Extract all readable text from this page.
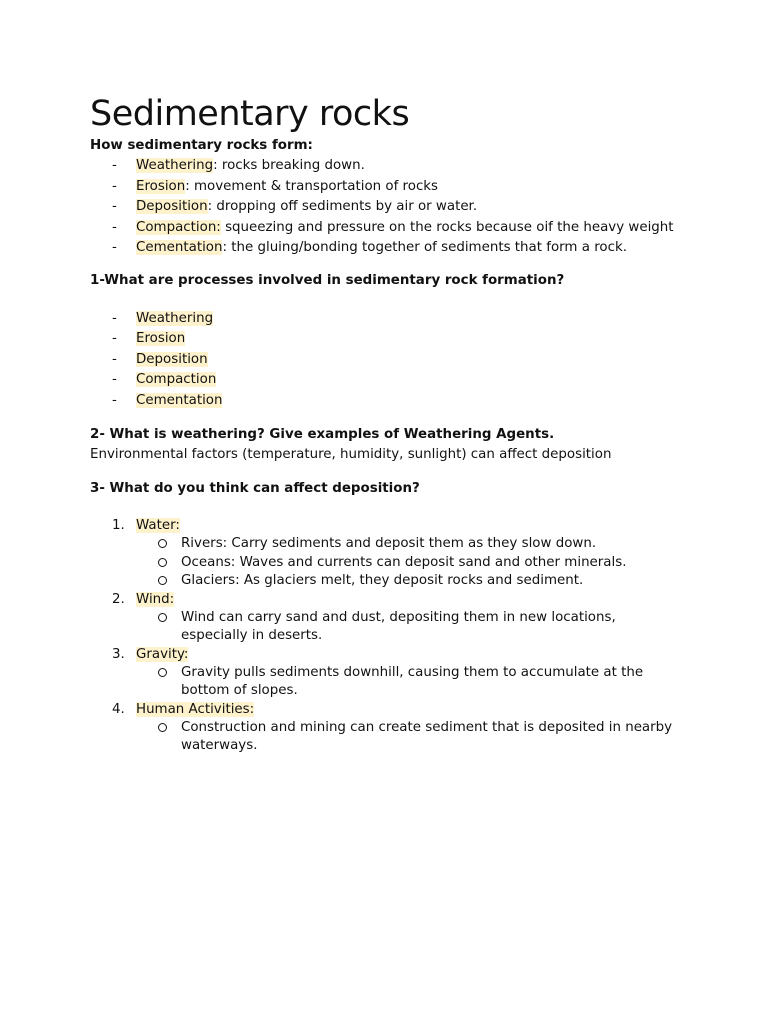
Sedimentary rocks

How sedimentary rocks form:

- Weathering: rocks breaking down.
- Erosion: movement & transportation of rocks
- Deposition: dropping off sediments by air or water.
- Compaction: squeezing and pressure on the rocks because oif the heavy weight
- Cementation: the gluing/bonding together of sediments that form a rock.

1-What are processes involved in sedimentary rock formation?

- Weathering
- Erosion
- Deposition
- Compaction
- Cementation

2- What is weathering? Give examples of Weathering Agents.

Environmental factors (temperature, humidity, sunlight) can affect deposition

3- What do you think can affect deposition?

1. Water:
Rivers: Carry sediments and deposit them as they slow down.
Oceans: Waves and currents can deposit sand and other minerals.
Glaciers: As glaciers melt, they deposit rocks and sediment.
2. Wind:
Wind can carry sand and dust, depositing them in new locations, especially in deserts.
3. Gravity:
Gravity pulls sediments downhill, causing them to accumulate at the bottom of slopes.
4. Human Activities:
Construction and mining can create sediment that is deposited in nearby waterways.
